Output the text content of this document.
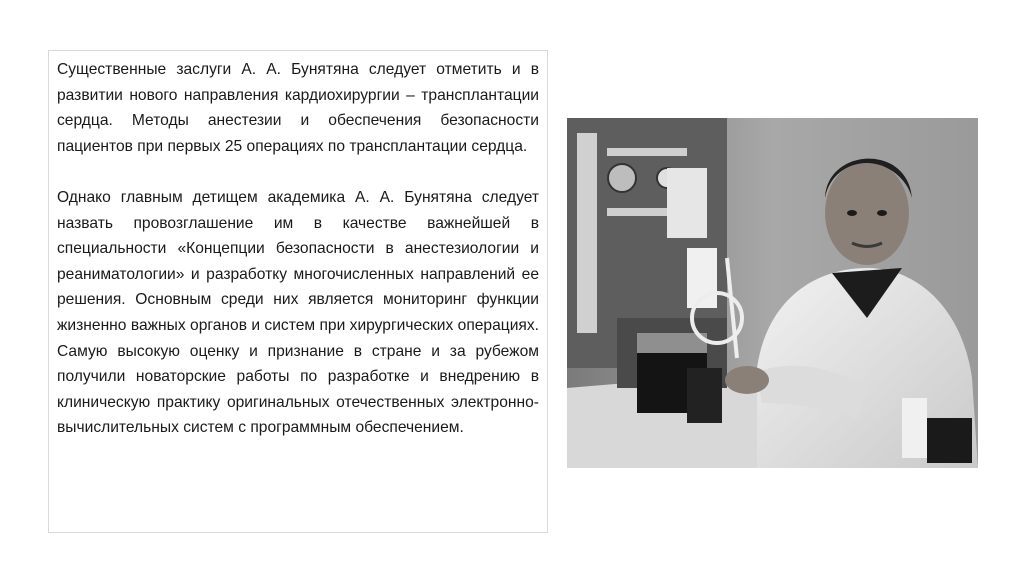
Существенные заслуги А. А. Бунятяна следует отметить и в развитии нового направления кардиохирургии – трансплантации сердца. Методы анестезии и обеспечения безопасности пациентов при первых 25 операциях по трансплантации сердца.

Однако главным детищем академика А. А. Бунятяна следует назвать провозглашение им в качестве важнейшей в специальности «Концепции безопасности в анестезиологии и реаниматологии» и разработку многочисленных направлений ее решения. Основным среди них является мониторинг функции жизненно важных органов и систем при хирургических операциях. Самую высокую оценку и признание в стране и за рубежом получили новаторские работы по разработке и внедрению в клиническую практику оригинальных отечественных электронно-вычислительных систем с программным обеспечением.
